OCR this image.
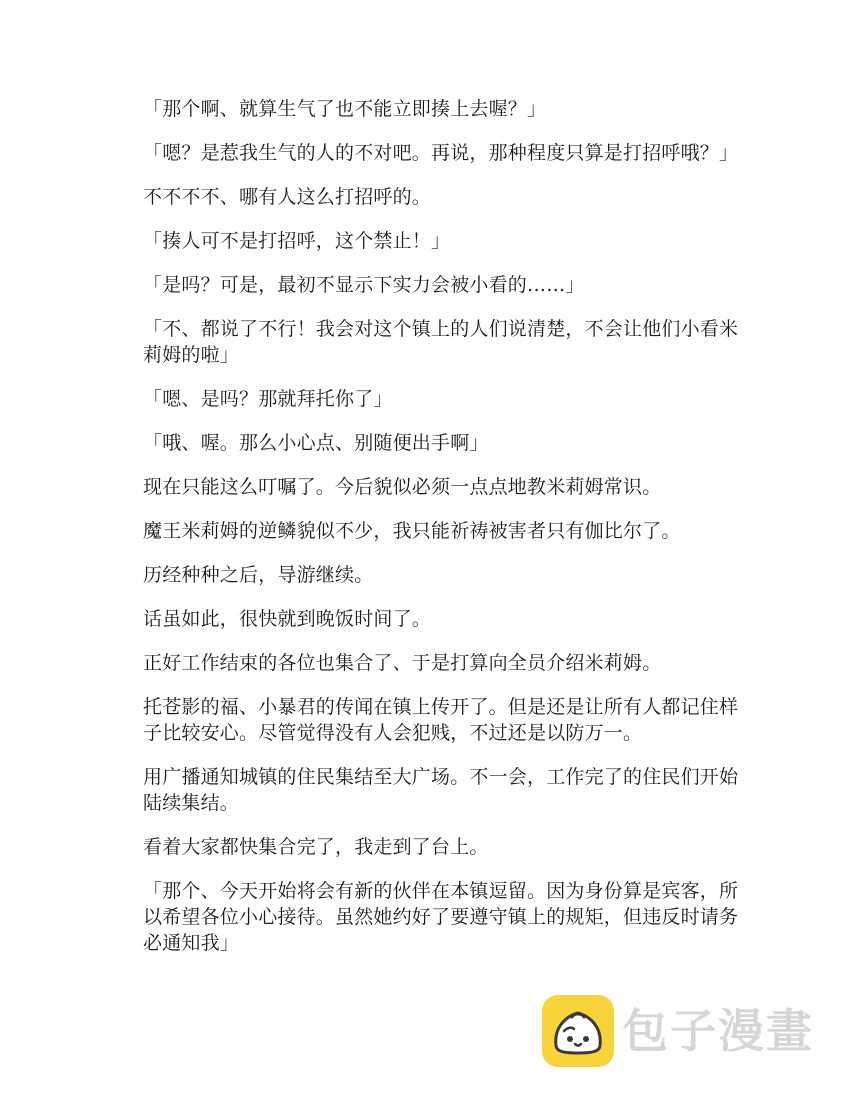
「那个啊、就算生气了也不能立即揍上去喔？」

「嗯？是惹我生气的人的不对吧。再说，那种程度只算是打招呼哦？」

不不不不、哪有人这么打招呼的。

「揍人可不是打招呼，这个禁止！」

「是吗？可是，最初不显示下实力会被小看的……」

「不、都说了不行！我会对这个镇上的人们说清楚，不会让他们小看米莉姆的啦」

「嗯、是吗？那就拜托你了」

「哦、喔。那么小心点、别随便出手啊」

现在只能这么叮嘱了。今后貌似必须一点点地教米莉姆常识。

魔王米莉姆的逆鳞貌似不少，我只能祈祷被害者只有伽比尔了。

历经种种之后，导游继续。

话虽如此，很快就到晚饭时间了。

正好工作结束的各位也集合了、于是打算向全员介绍米莉姆。

托苍影的福、小暴君的传闻在镇上传开了。但是还是让所有人都记住样子比较安心。尽管觉得没有人会犯贱，不过还是以防万一。

用广播通知城镇的住民集结至大广场。不一会，工作完了的住民们开始陆续集结。

看着大家都快集合完了，我走到了台上。

「那个、今天开始将会有新的伙伴在本镇逗留。因为身份算是宾客，所以希望各位小心接待。虽然她约好了要遵守镇上的规矩，但违反时请务必通知我」

包子漫畫
